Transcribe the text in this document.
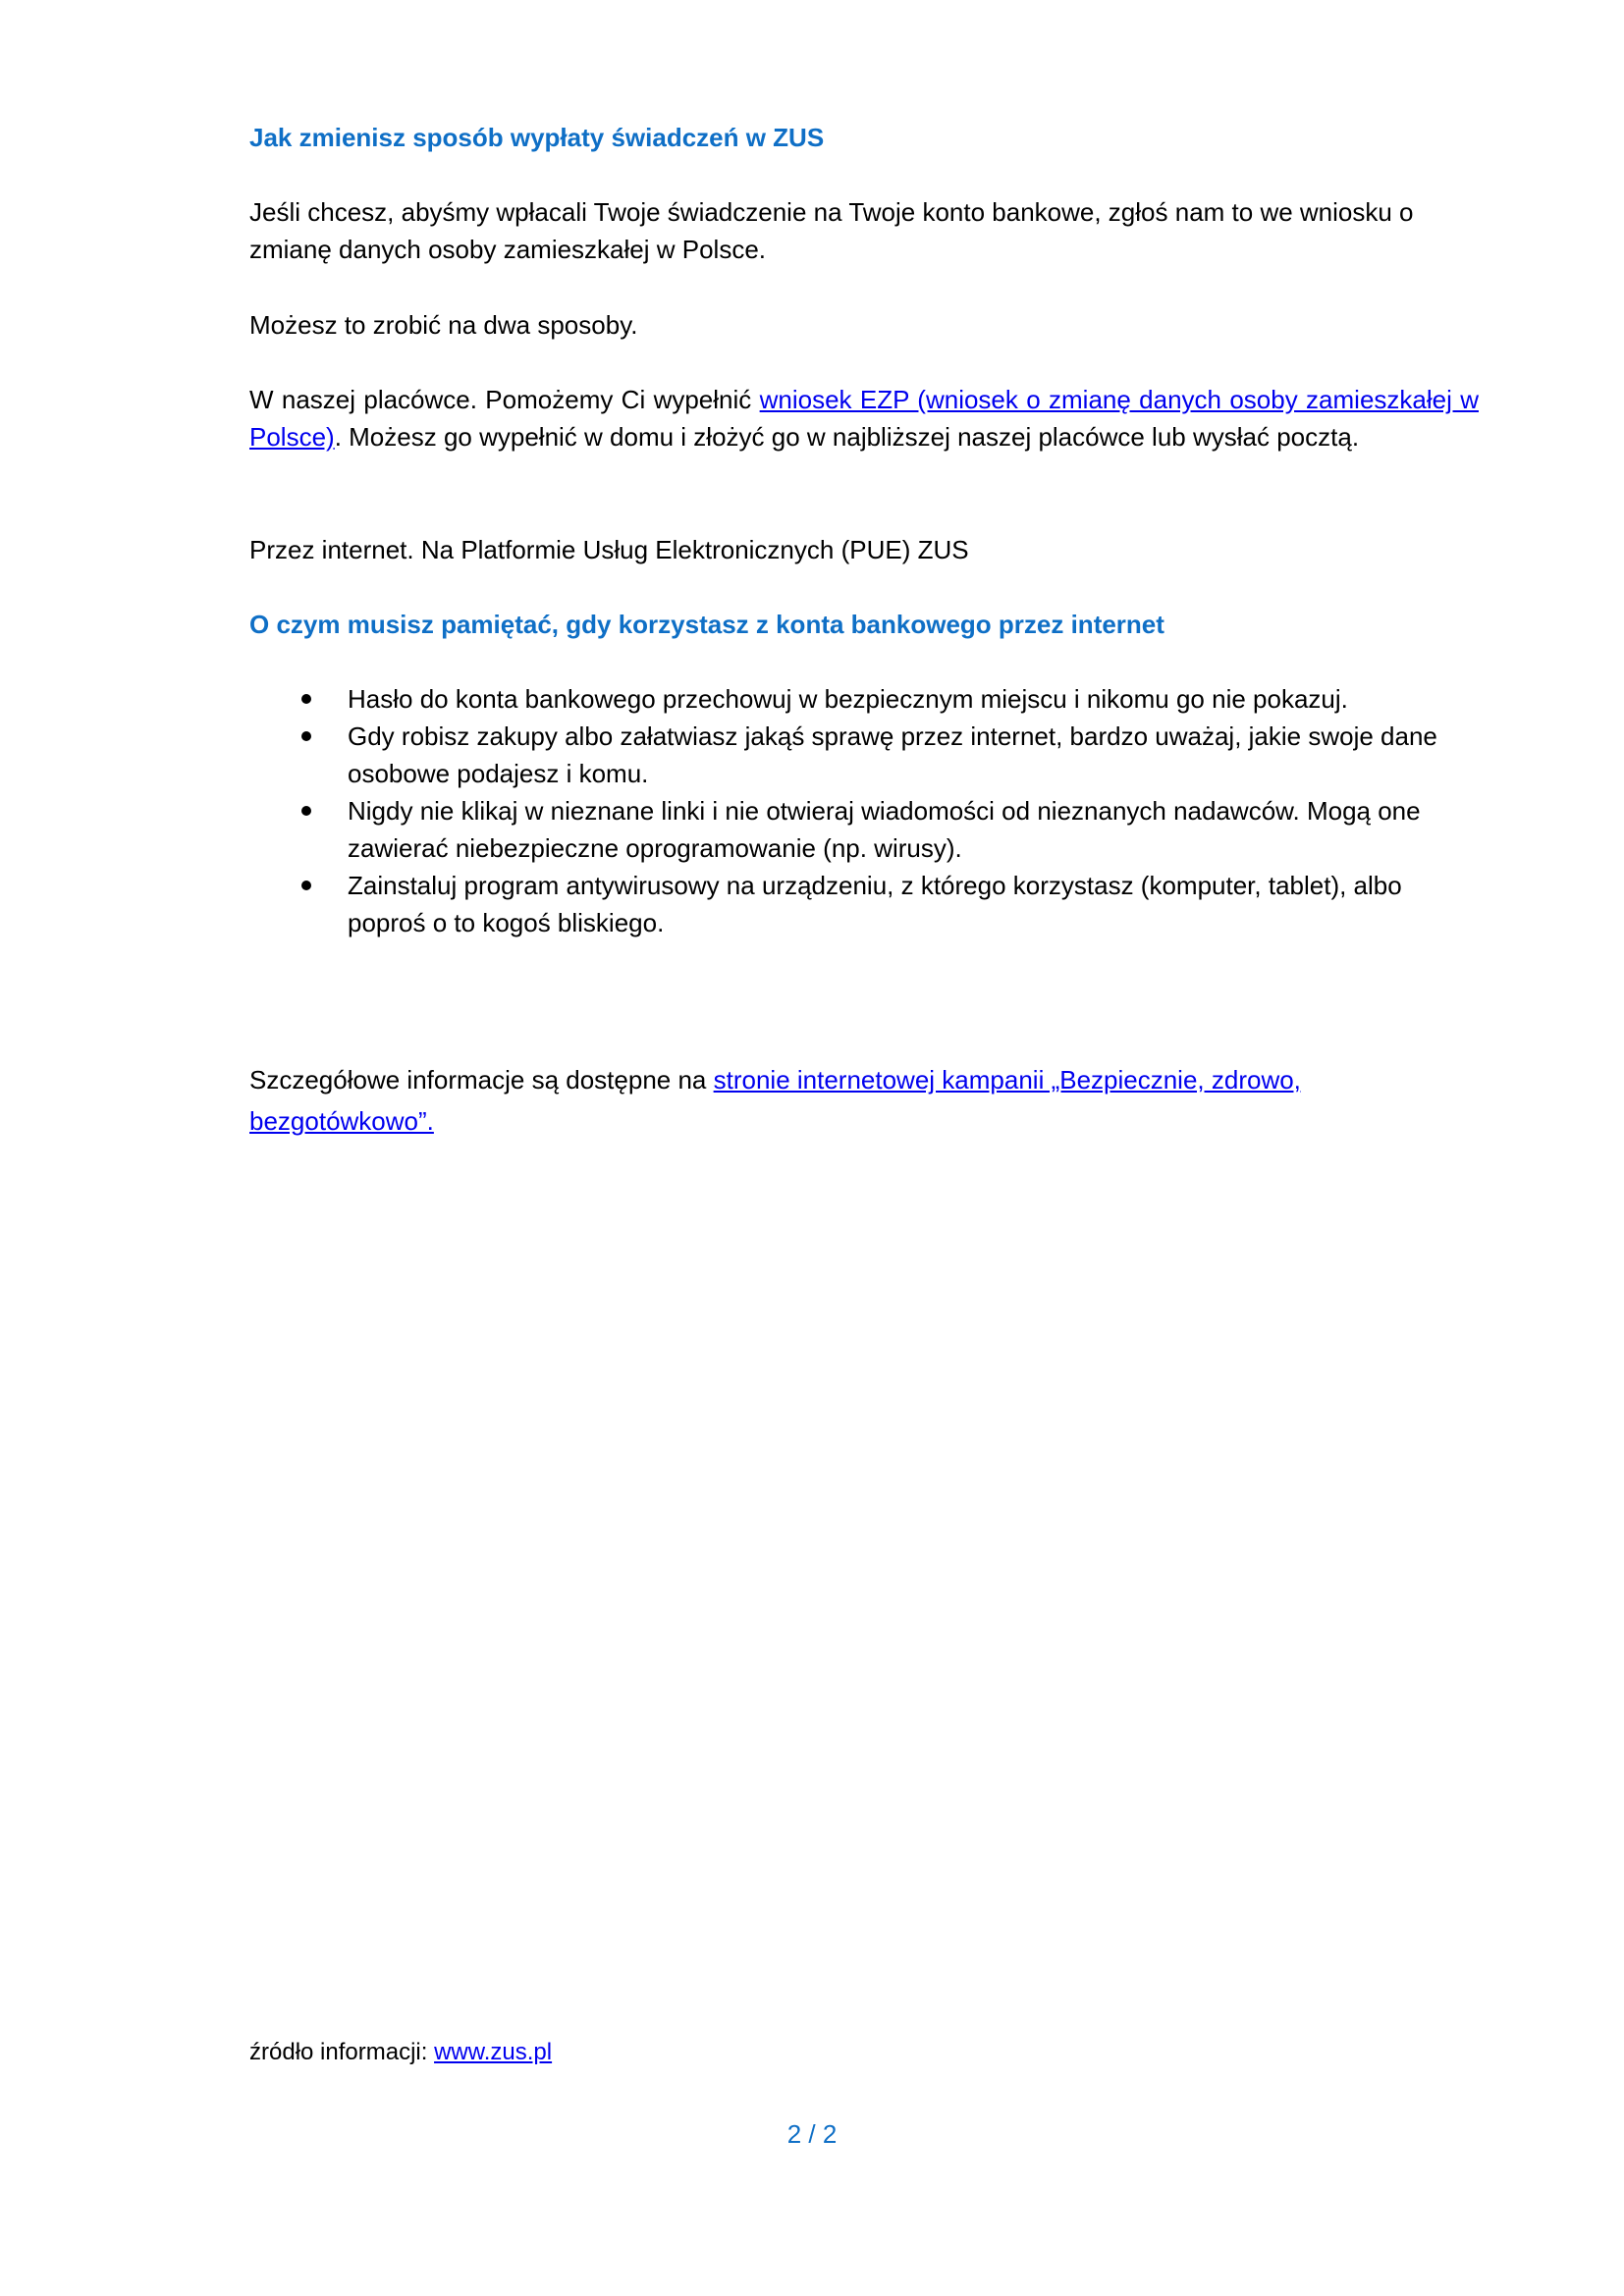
Jak zmienisz sposób wypłaty świadczeń w ZUS

Jeśli chcesz, abyśmy wpłacali Twoje świadczenie na Twoje konto bankowe, zgłoś nam to we wniosku o zmianę danych osoby zamieszkałej w Polsce.

Możesz to zrobić na dwa sposoby.

W naszej placówce. Pomożemy Ci wypełnić wniosek EZP (wniosek o zmianę danych osoby zamieszkałej w Polsce). Możesz go wypełnić w domu i złożyć go w najbliższej naszej placówce lub wysłać pocztą.

Przez internet. Na Platformie Usług Elektronicznych (PUE) ZUS

O czym musisz pamiętać, gdy korzystasz z konta bankowego przez internet
Hasło do konta bankowego przechowuj w bezpiecznym miejscu i nikomu go nie pokazuj.
Gdy robisz zakupy albo załatwiasz jakąś sprawę przez internet, bardzo uważaj, jakie swoje dane osobowe podajesz i komu.
Nigdy nie klikaj w nieznane linki i nie otwieraj wiadomości od nieznanych nadawców. Mogą one zawierać niebezpieczne oprogramowanie (np. wirusy).
Zainstaluj program antywirusowy na urządzeniu, z którego korzystasz (komputer, tablet), albo poproś o to kogoś bliskiego.

Szczegółowe informacje są dostępne na stronie internetowej kampanii „Bezpiecznie, zdrowo, bezgotówkowo”.

źródło informacji: www.zus.pl
2 / 2
